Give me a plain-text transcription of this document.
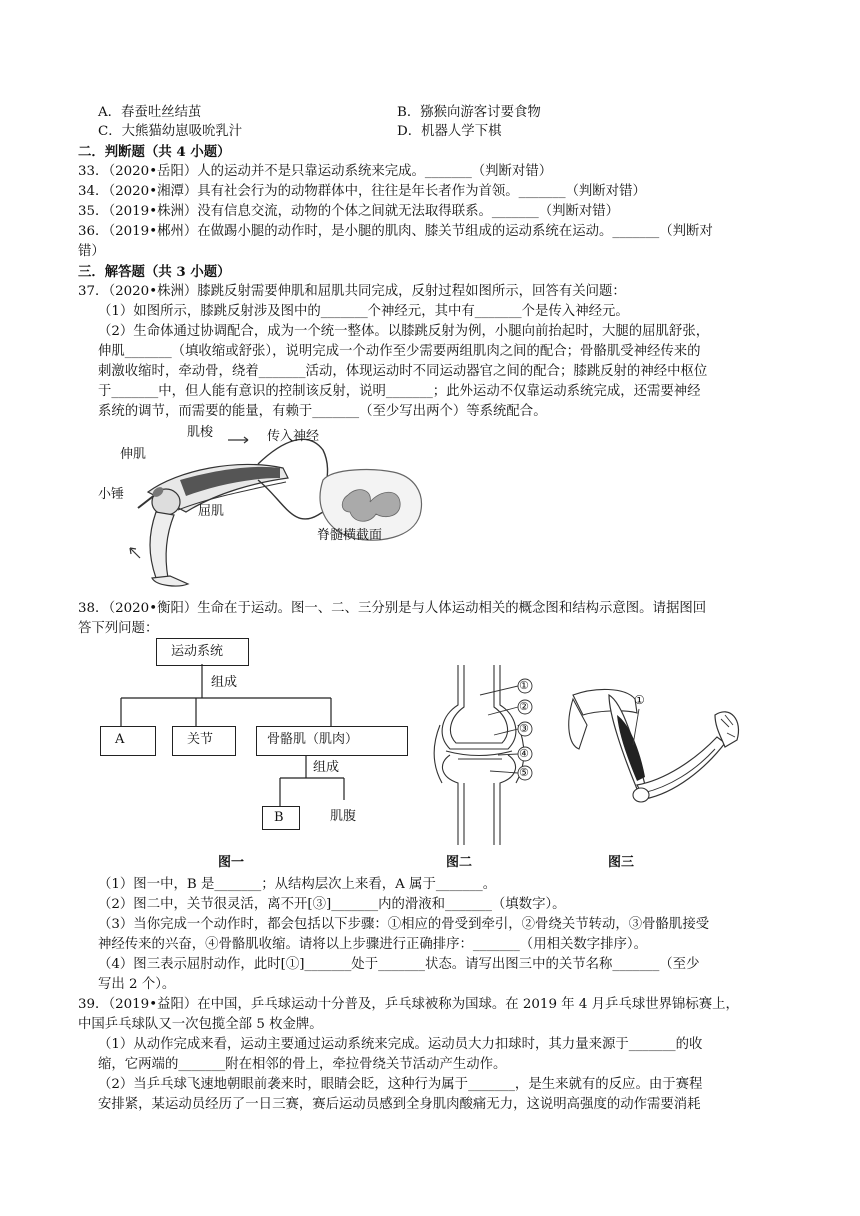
A．春蚕吐丝结茧	B．猕猴向游客讨要食物
C．大熊猫幼崽吸吮乳汁	D．机器人学下棋
二．判断题（共 4 小题）
33．（2020•岳阳）人的运动并不是只靠运动系统来完成。_______（判断对错）
34．（2020•湘潭）具有社会行为的动物群体中，往往是年长者作为首领。_______（判断对错）
35．（2019•株洲）没有信息交流，动物的个体之间就无法取得联系。_______（判断对错）
36．（2019•郴州）在做踢小腿的动作时，是小腿的肌肉、膝关节组成的运动系统在运动。_______（判断对
错）
三．解答题（共 3 小题）
37．（2020•株洲）膝跳反射需要伸肌和屈肌共同完成，反射过程如图所示，回答有关问题：
（1）如图所示，膝跳反射涉及图中的_______个神经元，其中有_______个是传入神经元。
（2）生命体通过协调配合，成为一个统一整体。以膝跳反射为例，小腿向前抬起时，大腿的屈肌舒张，
伸肌_______（填收缩或舒张），说明完成一个动作至少需要两组肌肉之间的配合；骨骼肌受神经传来的
刺激收缩时，牵动骨，绕着_______活动，体现运动时不同运动器官之间的配合；膝跳反射的神经中枢位
于_______中，但人能有意识的控制该反射，说明_______；此外运动不仅靠运动系统完成，还需要神经
系统的调节，而需要的能量，有赖于_______（至少写出两个）等系统配合。
肌梭	传入神经
伸肌
小锤
屈肌
脊髓横截面
38．（2020•衡阳）生命在于运动。图一、二、三分别是与人体运动相关的概念图和结构示意图。请据图回
答下列问题：
运动系统
组成
A	关节	骨骼肌（肌肉）
组成
B	肌腹
①
②
③
④
⑤
①
图一	图二	图三
（1）图一中，B 是_______；从结构层次上来看，A 属于_______。
（2）图二中，关节很灵活，离不开[③]_______内的滑液和_______（填数字）。
（3）当你完成一个动作时，都会包括以下步骤：①相应的骨受到牵引，②骨绕关节转动，③骨骼肌接受
神经传来的兴奋，④骨骼肌收缩。请将以上步骤进行正确排序：_______（用相关数字排序）。
（4）图三表示屈肘动作，此时[①]_______处于_______状态。请写出图三中的关节名称_______（至少
写出 2 个）。
39．（2019•益阳）在中国，乒乓球运动十分普及，乒乓球被称为国球。在 2019 年 4 月乒乓球世界锦标赛上，
中国乒乓球队又一次包揽全部 5 枚金牌。
（1）从动作完成来看，运动主要通过运动系统来完成。运动员大力扣球时，其力量来源于_______的收
缩，它两端的_______附在相邻的骨上，牵拉骨绕关节活动产生动作。
（2）当乒乓球飞速地朝眼前袭来时，眼睛会眨，这种行为属于_______，是生来就有的反应。由于赛程
安排紧，某运动员经历了一日三赛，赛后运动员感到全身肌肉酸痛无力，这说明高强度的动作需要消耗
